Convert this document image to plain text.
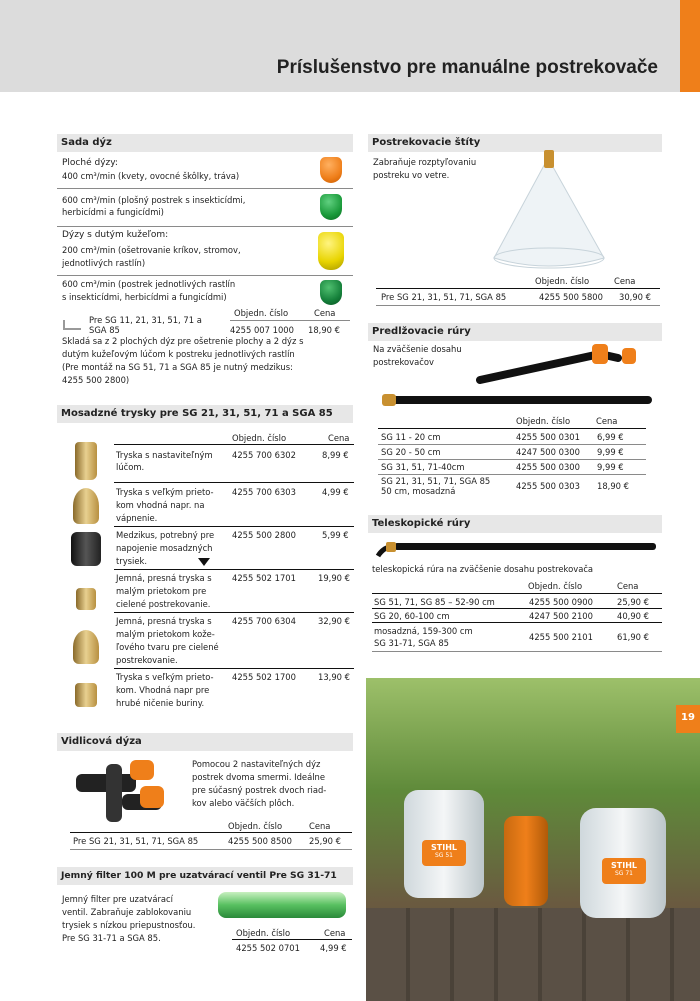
Príslušenstvo pre manuálne postrekovače
Sada dýz
Ploché dýzy:
400 cm³/min (kvety, ovocné škôlky, tráva)
600 cm³/min (plošný postrek s insekticídmi,
herbicídmi a fungicídmi)
Dýzy s dutým kužeľom:
200 cm³/min (ošetrovanie kríkov, stromov,
jednotlivých rastlín)
600 cm³/min (postrek jednotlivých rastlín
s insekticídmi, herbicídmi a fungicídmi)
Objedn. číslo	Cena
Pre SG 11, 21, 31, 51, 71 a
SGA 85	4255 007 1000 18,90 €
Skladá sa z 2 plochých dýz pre ošetrenie plochy a 2 dýz s
dutým kužeľovým lúčom k postreku jednotlivých rastlín
(Pre montáž na SG 51, 71 a SGA 85 je nutný medzikus:
4255 500 2800)
Mosadzné trysky pre SG 21, 31, 51, 71 a SGA 85
Objedn. číslo	Cena
Tryska s nastaviteľným
lúčom.
4255 700 6302	8,99 €
Tryska s veľkým prieto-
kom vhodná napr. na
vápnenie.
4255 700 6303	4,99 €
Medzikus, potrebný pre
napojenie mosadzných
trysiek.
4255 500 2800	5,99 €
Jemná, presná tryska s
malým prietokom pre
cielené postrekovanie.
4255 502 1701	19,90 €
Jemná, presná tryska s
malým prietokom kože-
ľového tvaru pre cielené
postrekovanie.
4255 700 6304	32,90 €
Tryska s veľkým prieto-
kom. Vhodná napr pre
hrubé ničenie buriny.
4255 502 1700	13,90 €
Vidlicová dýza
Pomocou 2 nastaviteľných dýz
postrek dvoma smermi. Ideálne
pre súčasný postrek dvoch riad-
kov alebo väčších plôch.
Objedn. číslo	Cena
Pre SG 21, 31, 51, 71, SGA 85	4255 500 8500 25,90 €
Jemný filter 100 M pre uzatvárací ventil Pre SG 31-71
Jemný filter pre uzatvárací
ventil. Zabraňuje zablokovaniu
trysiek s nízkou priepustnosťou.
Pre SG 31-71 a SGA 85.	Objedn. číslo	Cena
4255 502 0701 4,99 €
Postrekovacie štíty
Zabraňuje rozptyľovaniu
postreku vo vetre.
Objedn. číslo	Cena
Pre SG 21, 31, 51, 71, SGA 85	4255 500 5800 30,90 €
Predlžovacie rúry
Na zväčšenie dosahu
postrekovačov
Objedn. číslo	Cena
SG 11 - 20 cm	4255 500 0301 6,99 €
SG 20 - 50 cm	4247 500 0300 9,99 €
SG 31, 51, 71-40cm	4255 500 0300 9,99 €
SG 21, 31, 51, 71, SGA 85
50 cm, mosadzná	4255 500 0303 18,90 €
Teleskopické rúry
teleskopická rúra na zväčšenie dosahu postrekovača
Objedn. číslo	Cena
SG 51, 71, SG 85 – 52-90 cm	4255 500 0900	25,90 €
SG 20, 60-100 cm	4247 500 2100	40,90 €
mosadzná, 159-300 cm
SG 31-71, SGA 85
4255 500 2101	61,90 €
STIHL
SG 51
STIHL
SG 71
19
